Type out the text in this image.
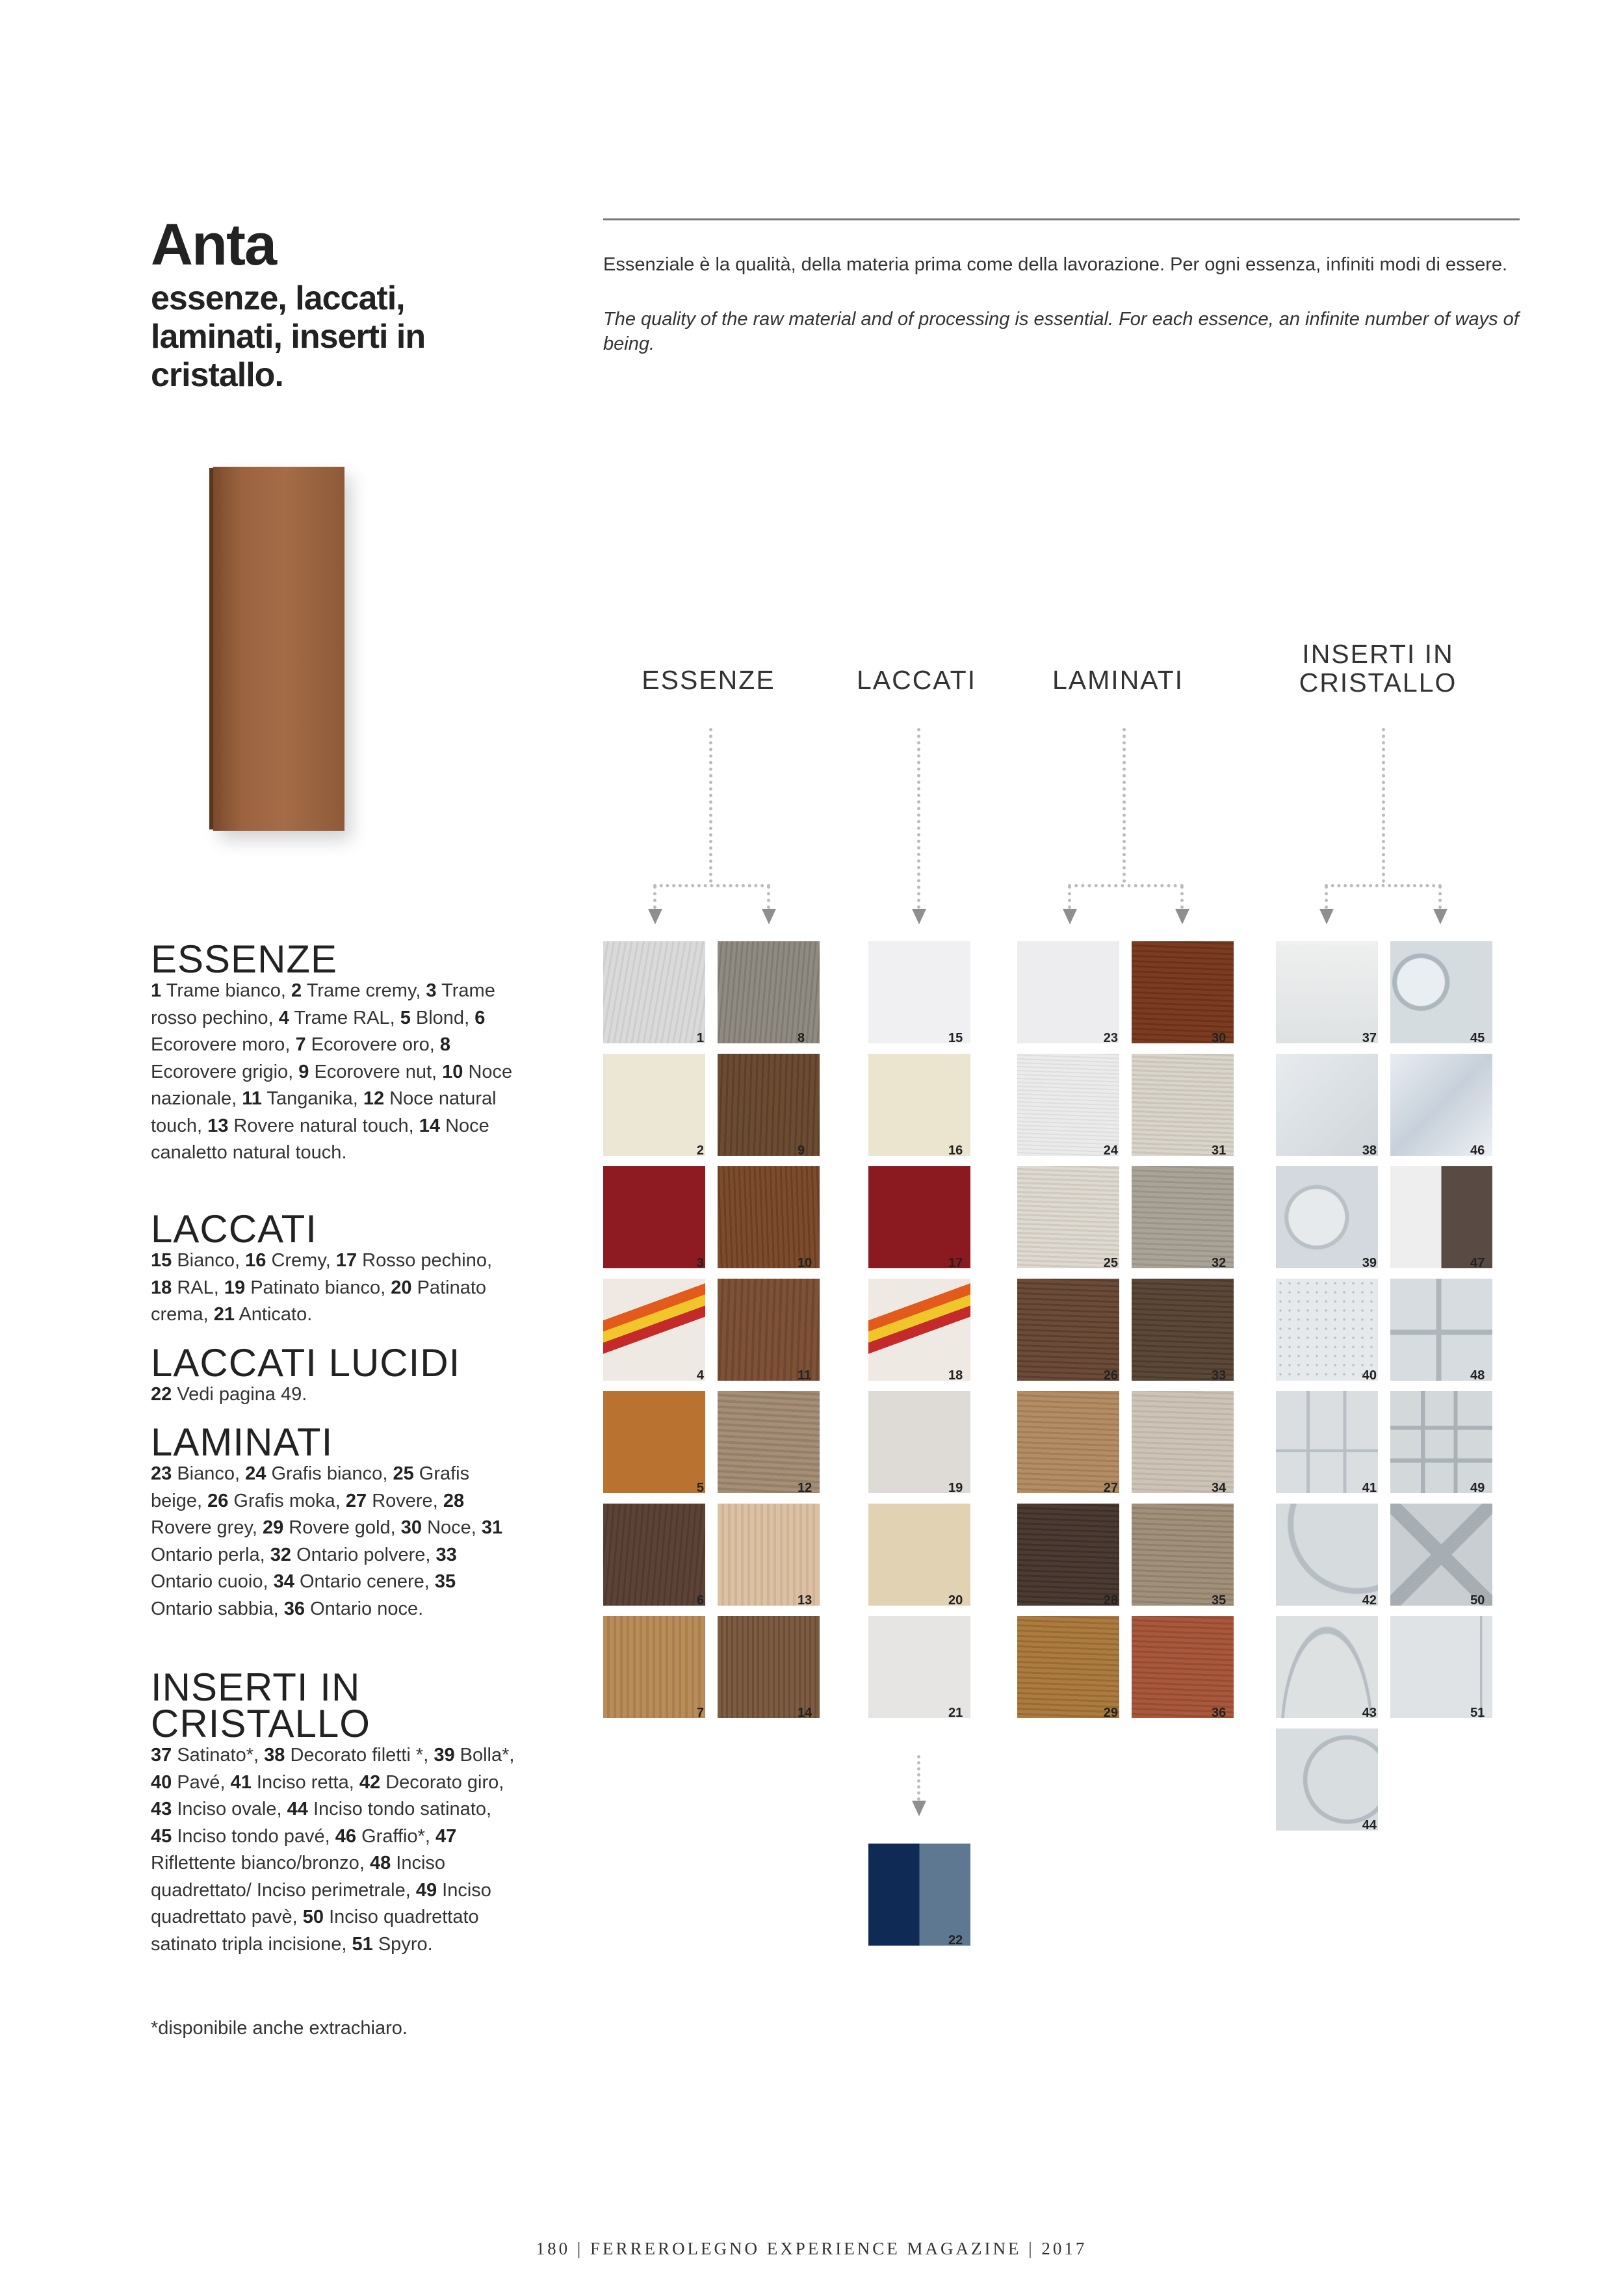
Anta

essenze, laccati, laminati, inserti in cristallo.

Essenziale è la qualità, della materia prima come della lavorazione. Per ogni essenza, infiniti modi di essere.

The quality of the raw material and of processing is essential. For each essence, an infinite number of ways of being.

ESSENZE

1 Trame bianco, 2 Trame cremy, 3 Trame rosso pechino, 4 Trame RAL, 5 Blond, 6 Ecorovere moro, 7 Ecorovere oro, 8 Ecorovere grigio, 9 Ecorovere nut, 10 Noce nazionale, 11 Tanganika, 12 Noce natural touch, 13 Rovere natural touch, 14 Noce canaletto natural touch.

LACCATI

15 Bianco, 16 Cremy, 17 Rosso pechino, 18 RAL, 19 Patinato bianco, 20 Patinato crema, 21 Anticato.

LACCATI LUCIDI

22 Vedi pagina 49.

LAMINATI

23 Bianco, 24 Grafis bianco, 25 Grafis beige, 26 Grafis moka, 27 Rovere, 28 Rovere grey, 29 Rovere gold, 30 Noce, 31 Ontario perla, 32 Ontario polvere, 33 Ontario cuoio, 34 Ontario cenere, 35 Ontario sabbia, 36 Ontario noce.

INSERTI IN CRISTALLO

37 Satinato*, 38 Decorato filetti *, 39 Bolla*, 40 Pavé, 41 Inciso retta, 42 Decorato giro, 43 Inciso ovale, 44 Inciso tondo satinato, 45 Inciso tondo pavé, 46 Graffio*, 47 Riflettente bianco/bronzo, 48 Inciso quadrettato/ Inciso perimetrale, 49 Inciso quadrettato pavè, 50 Inciso quadrettato satinato tripla incisione, 51 Spyro.

*disponibile anche extrachiaro.

ESSENZE	LACCATI	LAMINATI

INSERTI IN CRISTALLO

1
2
3
4
5
6
7
8
9
10
11
12
13
14
15
16
17
18
19
20
21
22
23
24
25
26
27
28
29
30
31
32
33
34
35
36
37
38
39
40
41
42
43
44
45
46
47
48
49
50
51

180 | FERREROLEGNO EXPERIENCE MAGAZINE | 2017
